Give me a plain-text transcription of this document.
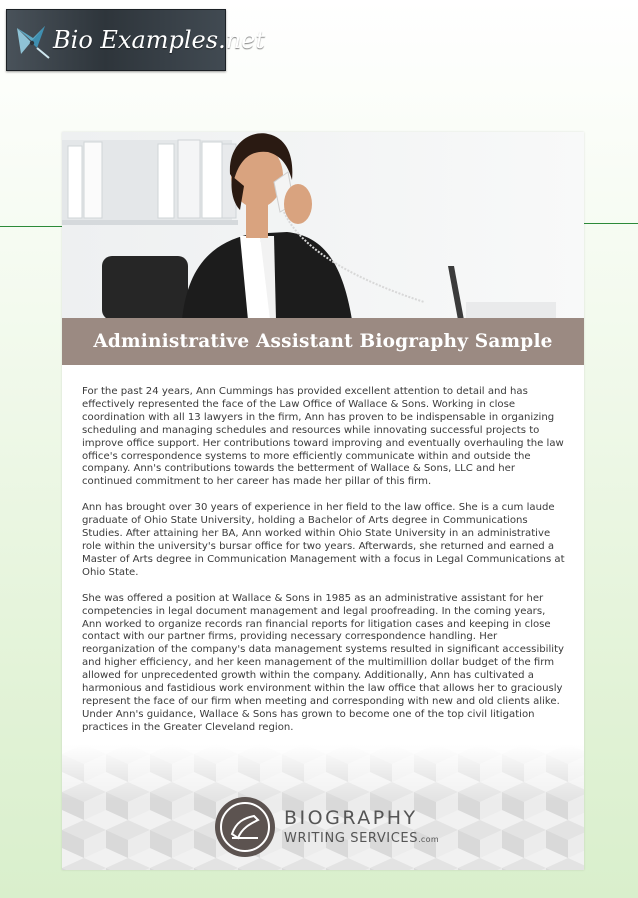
Bio Examples.net
Administrative Assistant Biography Sample

For the past 24 years, Ann Cummings has provided excellent attention to detail and has effectively represented the face of the Law Office of Wallace & Sons. Working in close coordination with all 13 lawyers in the firm, Ann has proven to be indispensable in organizing scheduling and managing schedules and resources while innovating successful projects to improve office support. Her contributions toward improving and eventually overhauling the law office's correspondence systems to more efficiently communicate within and outside the company. Ann's contributions towards the betterment of Wallace & Sons, LLC and her continued commitment to her career has made her pillar of this firm.

Ann has brought over 30 years of experience in her field to the law office. She is a cum laude graduate of Ohio State University, holding a Bachelor of Arts degree in Communications Studies. After attaining her BA, Ann worked within Ohio State University in an administrative role within the university's bursar office for two years. Afterwards, she returned and earned a Master of Arts degree in Communication Management with a focus in Legal Communications at Ohio State.

She was offered a position at Wallace & Sons in 1985 as an administrative assistant for her competencies in legal document management and legal proofreading. In the coming years, Ann worked to organize records ran financial reports for litigation cases and keeping in close contact with our partner firms, providing necessary correspondence handling. Her reorganization of the company's data management systems resulted in significant accessibility and higher efficiency, and her keen management of the multimillion dollar budget of the firm allowed for unprecedented growth within the company. Additionally, Ann has cultivated a harmonious and fastidious work environment within the law office that allows her to graciously represent the face of our firm when meeting and corresponding with new and old clients alike. Under Ann's guidance, Wallace & Sons has grown to become one of the top civil litigation practices in the Greater Cleveland region.

BIOGRAPHY
WRITING SERVICES.com
